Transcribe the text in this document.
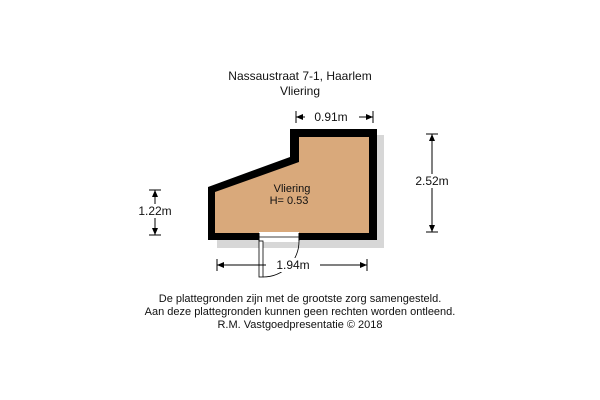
Nassaustraat 7-1, Haarlem
Vliering
Vliering
H= 0.53
0.91m
2.52m
1.22m
1.94m
De plattegronden zijn met de grootste zorg samengesteld.
Aan deze plattegronden kunnen geen rechten worden ontleend.
R.M. Vastgoedpresentatie © 2018
